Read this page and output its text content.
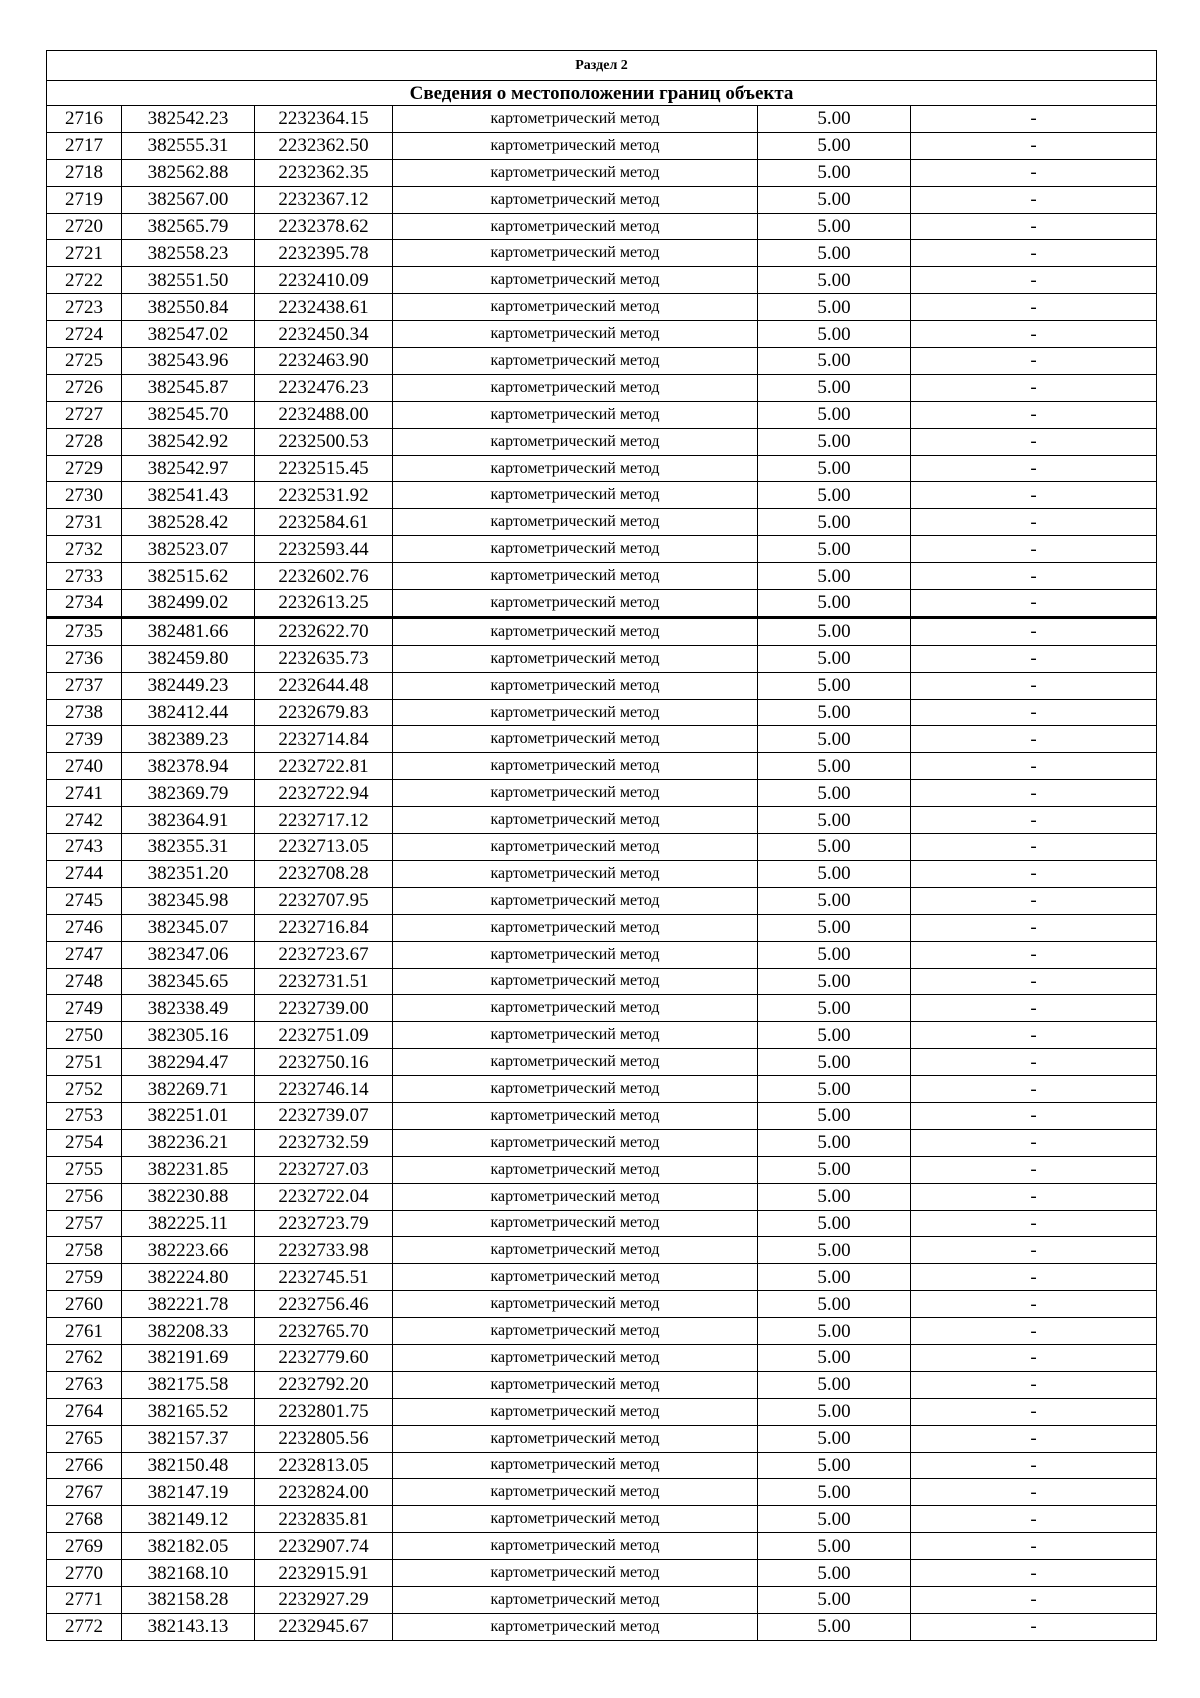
Раздел 2					
Сведения о местоположении границ объекта					
2716	382542.23	2232364.15	картометрический метод	5.00	-
2717	382555.31	2232362.50	картометрический метод	5.00	-
2718	382562.88	2232362.35	картометрический метод	5.00	-
2719	382567.00	2232367.12	картометрический метод	5.00	-
2720	382565.79	2232378.62	картометрический метод	5.00	-
2721	382558.23	2232395.78	картометрический метод	5.00	-
2722	382551.50	2232410.09	картометрический метод	5.00	-
2723	382550.84	2232438.61	картометрический метод	5.00	-
2724	382547.02	2232450.34	картометрический метод	5.00	-
2725	382543.96	2232463.90	картометрический метод	5.00	-
2726	382545.87	2232476.23	картометрический метод	5.00	-
2727	382545.70	2232488.00	картометрический метод	5.00	-
2728	382542.92	2232500.53	картометрический метод	5.00	-
2729	382542.97	2232515.45	картометрический метод	5.00	-
2730	382541.43	2232531.92	картометрический метод	5.00	-
2731	382528.42	2232584.61	картометрический метод	5.00	-
2732	382523.07	2232593.44	картометрический метод	5.00	-
2733	382515.62	2232602.76	картометрический метод	5.00	-
2734	382499.02	2232613.25	картометрический метод	5.00	-
2735	382481.66	2232622.70	картометрический метод	5.00	-
2736	382459.80	2232635.73	картометрический метод	5.00	-
2737	382449.23	2232644.48	картометрический метод	5.00	-
2738	382412.44	2232679.83	картометрический метод	5.00	-
2739	382389.23	2232714.84	картометрический метод	5.00	-
2740	382378.94	2232722.81	картометрический метод	5.00	-
2741	382369.79	2232722.94	картометрический метод	5.00	-
2742	382364.91	2232717.12	картометрический метод	5.00	-
2743	382355.31	2232713.05	картометрический метод	5.00	-
2744	382351.20	2232708.28	картометрический метод	5.00	-
2745	382345.98	2232707.95	картометрический метод	5.00	-
2746	382345.07	2232716.84	картометрический метод	5.00	-
2747	382347.06	2232723.67	картометрический метод	5.00	-
2748	382345.65	2232731.51	картометрический метод	5.00	-
2749	382338.49	2232739.00	картометрический метод	5.00	-
2750	382305.16	2232751.09	картометрический метод	5.00	-
2751	382294.47	2232750.16	картометрический метод	5.00	-
2752	382269.71	2232746.14	картометрический метод	5.00	-
2753	382251.01	2232739.07	картометрический метод	5.00	-
2754	382236.21	2232732.59	картометрический метод	5.00	-
2755	382231.85	2232727.03	картометрический метод	5.00	-
2756	382230.88	2232722.04	картометрический метод	5.00	-
2757	382225.11	2232723.79	картометрический метод	5.00	-
2758	382223.66	2232733.98	картометрический метод	5.00	-
2759	382224.80	2232745.51	картометрический метод	5.00	-
2760	382221.78	2232756.46	картометрический метод	5.00	-
2761	382208.33	2232765.70	картометрический метод	5.00	-
2762	382191.69	2232779.60	картометрический метод	5.00	-
2763	382175.58	2232792.20	картометрический метод	5.00	-
2764	382165.52	2232801.75	картометрический метод	5.00	-
2765	382157.37	2232805.56	картометрический метод	5.00	-
2766	382150.48	2232813.05	картометрический метод	5.00	-
2767	382147.19	2232824.00	картометрический метод	5.00	-
2768	382149.12	2232835.81	картометрический метод	5.00	-
2769	382182.05	2232907.74	картометрический метод	5.00	-
2770	382168.10	2232915.91	картометрический метод	5.00	-
2771	382158.28	2232927.29	картометрический метод	5.00	-
2772	382143.13	2232945.67	картометрический метод	5.00	-
